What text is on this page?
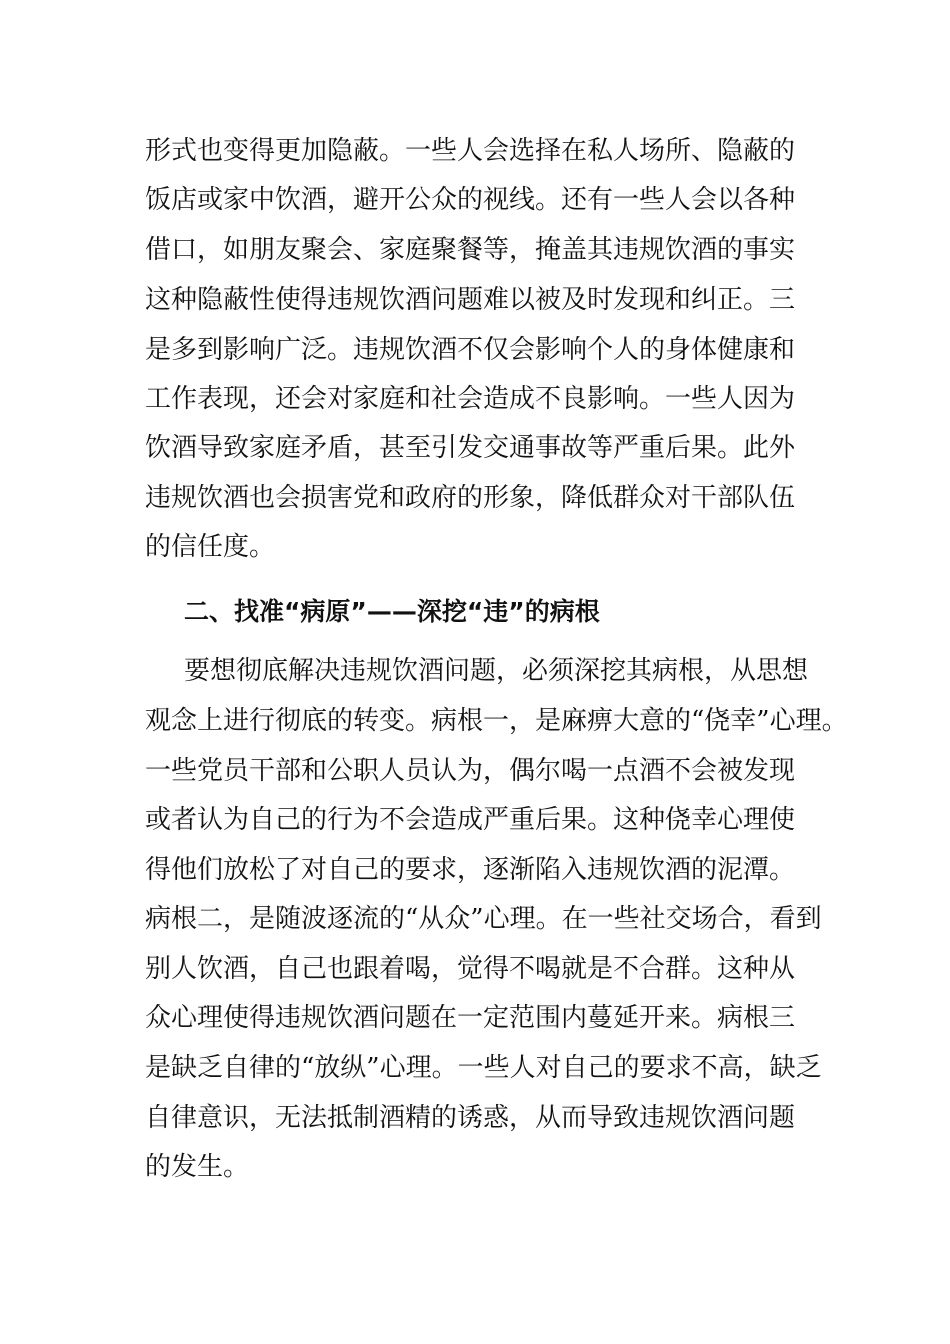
形式也变得更加隐蔽。一些人会选择在私人场所、隐蔽的
饭店或家中饮酒，避开公众的视线。还有一些人会以各种
借口，如朋友聚会、家庭聚餐等，掩盖其违规饮酒的事实
这种隐蔽性使得违规饮酒问题难以被及时发现和纠正。三
是多到影响广泛。违规饮酒不仅会影响个人的身体健康和
工作表现，还会对家庭和社会造成不良影响。一些人因为
饮酒导致家庭矛盾，甚至引发交通事故等严重后果。此外
违规饮酒也会损害党和政府的形象，降低群众对干部队伍
的信任度。
二、找准“病原”——深挖“违”的病根
要想彻底解决违规饮酒问题，必须深挖其病根，从思想
观念上进行彻底的转变。病根一，是麻痹大意的“侥幸”心理。
一些党员干部和公职人员认为，偶尔喝一点酒不会被发现
或者认为自己的行为不会造成严重后果。这种侥幸心理使
得他们放松了对自己的要求，逐渐陷入违规饮酒的泥潭。
病根二，是随波逐流的“从众”心理。在一些社交场合，看到
别人饮酒，自己也跟着喝，觉得不喝就是不合群。这种从
众心理使得违规饮酒问题在一定范围内蔓延开来。病根三
是缺乏自律的“放纵”心理。一些人对自己的要求不高，缺乏
自律意识，无法抵制酒精的诱惑，从而导致违规饮酒问题
的发生。
